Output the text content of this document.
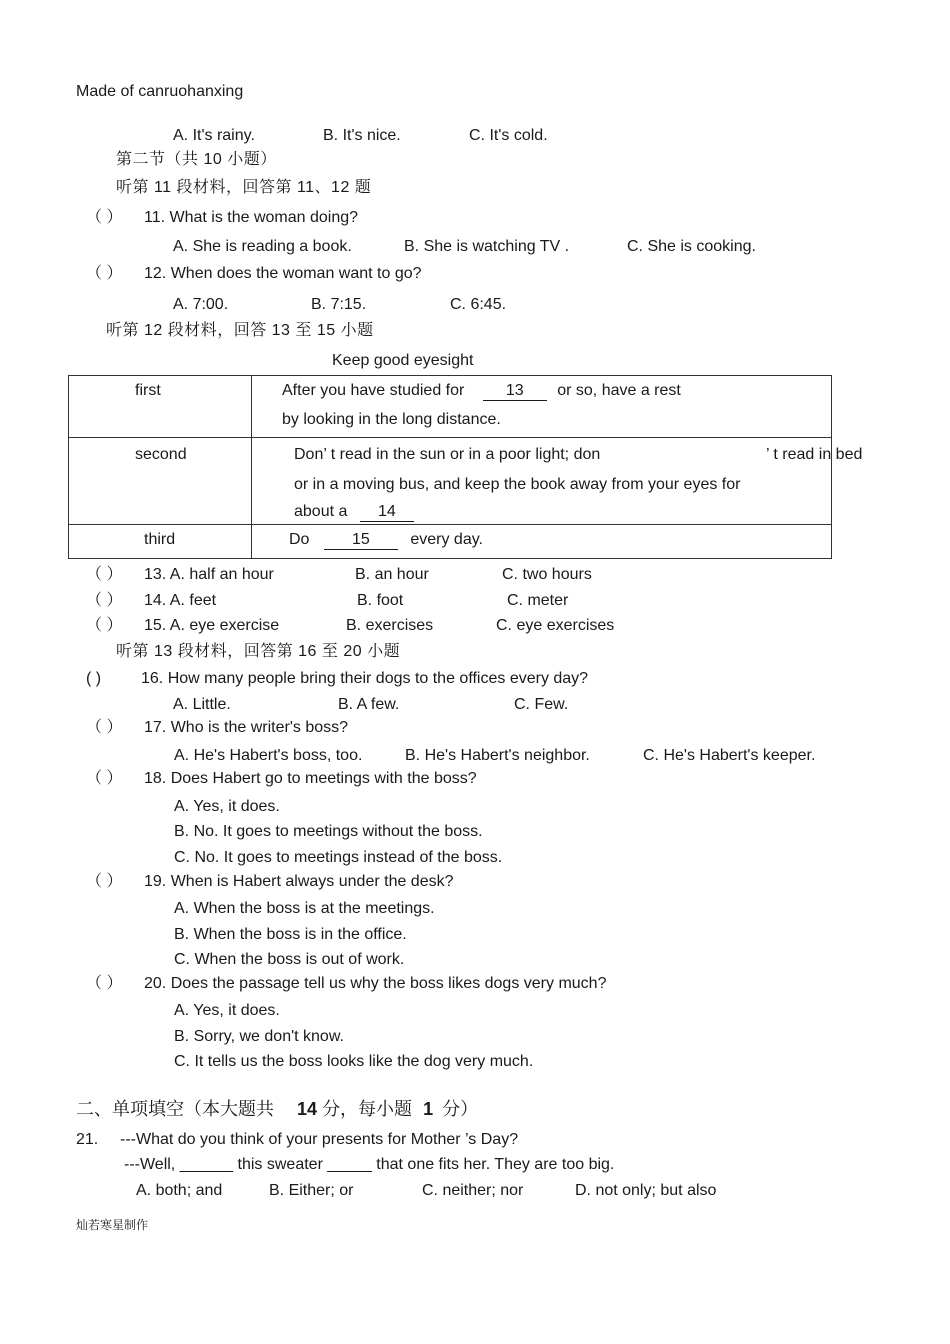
Made of canruohanxing
A. It's rainy.	B. It's nice.	C. It's cold.
第二节（共 10 小题）
听第 11 段材料，回答第 11、12 题
（ ） 11. What is the woman doing?
A. She is reading a book.	B. She is watching TV .	C. She is cooking.
（ ） 12. When does the woman want to go?
A. 7:00.	B. 7:15.	C. 6:45.
听第 12 段材料，回答 13 至 15 小题
Keep good eyesight
first	After you have studied for 13 or so, have a rest
by looking in the long distance.

second	Don’ t read in the sun or in a poor light; don ’ t read in bed
or in a moving bus, and keep the book away from your eyes for
about a 14

third	Do 15 every day.
（ ） 13. A. half an hour	B. an hour	C. two hours
（ ） 14. A. feet	B. foot	C. meter
（ ） 15. A. eye exercise	B. exercises	C. eye exercises
听第 13 段材料，回答第 16 至 20 小题
( ) 16. How many people bring their dogs to the offices every day?
A. Little.	B. A few.	C. Few.
（ ） 17. Who is the writer's boss?
A. He's Habert's boss, too.	B. He's Habert's neighbor.	C. He's Habert's keeper.
（ ） 18. Does Habert go to meetings with the boss?
A. Yes, it does.
B. No. It goes to meetings without the boss.
C. No. It goes to meetings instead of the boss.
（ ） 19. When is Habert always under the desk?
A. When the boss is at the meetings.
B. When the boss is in the office.
C. When the boss is out of work.
（ ） 20. Does the passage tell us why the boss likes dogs very much?
A. Yes, it does.
B. Sorry, we don't know.
C. It tells us the boss looks like the dog very much.
二、单项填空（本大题共 14 分，每小题 1 分）
21. ---What do you think of your presents for Mother ’s Day?
---Well, ______ this sweater _____ that one fits her. They are too big.
A. both; and	B. Either; or	C. neither; nor	D. not only; but also
灿若寒星制作
